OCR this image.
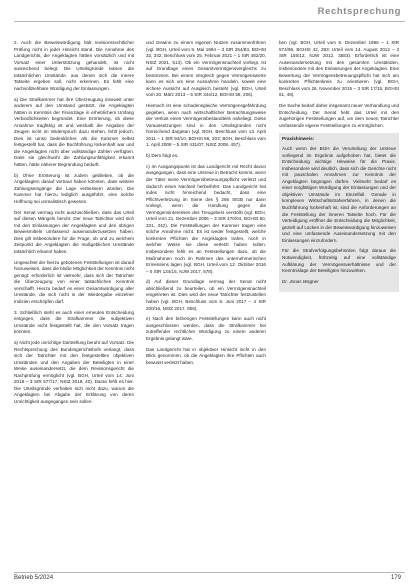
Rechtsprechung

2. Auch die Beweiswürdigung hält revisionsrechtlicher Prüfung nicht in jeder Hinsicht stand. Die Annahme des Landgerichts, die Angeklagten hätten vorsätzlich und mit Vorsatz einer Unterstützung gehandelt, ist nicht ausreichend belegt. Die Urteilsgründe lassen die tatsächlichen Umstände, aus denen sich die innere Tatseite ergeben soll, nicht erkennen. Es fehlt eine nachvollziehbare Würdigung der Einlassungen.

a) Die Strafkammer hat ihre Überzeugung insoweit unter anderem auf den Umstand gestützt, die Angeklagten hätten in Kenntnis der Finanzlage in erheblichem Umfang Verbindlichkeiten begründet. Eine Erörterung, ob diese Annahme tragfähig ist und weshalb die Angaben der Zeugen nicht im Widerspruch dazu stehen, fehlt jedoch. Dies ist umso bedenklicher, als die Kammer selbst festgestellt hat, dass die Buchführung lückenhaft war und die Angeklagten nicht über vollständige Zahlen verfügten. Dass sie gleichwohl die Zahlungsunfähigkeit erkannt hätten, hätte näherer Begründung bedurft.

b) Ohne Erörterung ist zudem geblieben, ob die Angeklagten darauf vertraut haben könnten, dass weitere Zahlungseingänge die Lage verbessern würden. Die Kammer hat hierzu lediglich ausgeführt, eine solche Hoffnung sei unrealistisch gewesen.

Der Senat vermag nicht auszuschließen, dass das Urteil auf diesen Mängeln beruht. Der neue Tatrichter wird sich mit den Einlassungen der Angeklagten und den übrigen Beweismitteln umfassend auseinanderzusetzen haben. Dies gilt insbesondere für die Frage, ob und zu welchem Zeitpunkt die Angeklagten die maßgeblichen Umstände tatsächlich erkannt haben.

Ungeachtet der hierzu gebotenen Feststellungen ist darauf hinzuweisen, dass die bloße Möglichkeit der Kenntnis nicht genügt; erforderlich ist vielmehr, dass sich der Tatrichter die Überzeugung von einer tatsächlichen Kenntnis verschafft. Hierzu bedarf es einer Gesamtwürdigung aller Umstände, die sich nicht in der Wiedergabe einzelner Indizien erschöpfen darf.

3. Schließlich steht es auch einer erneuten Entscheidung entgegen, dass die Strafkammer die subjektiven Umstände nicht festgestellt hat, die den Vorsatz tragen könnten.

a) Nicht jede unrichtige Darstellung beruht auf Vorsatz. Die Rechtsprechung des Bundesgerichtshofs verlangt, dass sich der Tatrichter mit den festgestellten objektiven Umständen und den Angaben der Beteiligten in einer Weise auseinandersetzt, die dem Revisionsgericht die Nachprüfung ermöglicht (vgl. BGH, Urteil vom 14. Juni 2018 – 3 StR 577/17, NStZ 2019, 40). Daran fehlt es hier. Die Urteilsgründe verhalten sich nicht dazu, warum die Angeklagten bei Abgabe der Erklärung von deren Unrichtigkeit ausgegangen sein sollen.

und Gewinn zu einem eigenen Nutzen zusammenführen (vgl. BGH, Urteil vom 9. Mai 1984 – 3 StR 254/83, BGHSt 32, 342; Beschluss vom 25. Februar 2021 – 1 StR 482/20, NStZ 2021, 613). Ob ein Vermögensnachteil vorliegt, ist auf Grundlage eines Gesamtvermögensvergleichs zu bestimmen. Bei einem Vergleich gegen Vermögenswerte kann es sich um eine Ausnahme handeln, soweit eine sichere Aussicht auf Ausgleich besteht (vgl. BGH, Urteil vom 20. März 2013 – 5 StR 344/12, BGHSt 58, 205).

Hiernach ist eine schadensgleiche Vermögensgefährdung gegeben, wenn nach wirtschaftlicher Betrachtungsweise der Verlust eines Vermögensbestandteils naheliegt. Diese Voraussetzungen sind in den Urteilsgründen nicht hinreichend dargetan (vgl. BGH, Beschluss vom 13. April 2011 – 1 StR 94/10, BGHSt 56, 203; BGH, Beschluss vom 1. April 2008 – 5 StR 431/07, NStZ 2008, 457).

b) Dem folgt es.

c) Im Ausgangspunkt ist das Landgericht mit Recht davon ausgegangen, dass eine Untreue in Betracht kommt, wenn der Täter seine Vermögensbetreuungspflicht verletzt und dadurch einen Nachteil herbeiführt. Das Landgericht hat indes nicht hinreichend bedacht, dass eine Pflichtverletzung im Sinne des § 266 StGB nur dann vorliegt, wenn die Handlung gegen die Vermögensinteressen des Treugebers verstößt (vgl. BGH, Urteil vom 21. Dezember 2005 – 3 StR 470/04, BGHSt 50, 331, 342). Die Feststellungen der Kammer tragen eine solche Annahme nicht. Es ist weder festgestellt, welche konkreten Pflichten die Angeklagten trafen, noch in welcher Weise sie diese verletzt haben sollen. Insbesondere fehlt es an Feststellungen dazu, ob die Maßnahmen noch im Rahmen des unternehmerischen Ermessens lagen (vgl. BGH, Urteil vom 12. Oktober 2016 – 5 StR 134/15, NJW 2017, 578).

d) Auf dieser Grundlage vermag der Senat nicht abschließend zu beurteilen, ob ein Vermögensnachteil eingetreten ist. Dies wird der neue Tatrichter festzustellen haben (vgl. BGH, Beschluss vom 8. Juni 2017 – 4 StR 200/16, NStZ 2017, 656).

e) Nach den bisherigen Feststellungen kann auch nicht ausgeschlossen werden, dass die Strafkammer bei zutreffender rechtlicher Würdigung zu einem anderen Ergebnis gelangt wäre.

Das Landgericht hat in objektiver Hinsicht nicht in den Blick genommen, ob die Angeklagten ihre Pflichten auch bewusst verletzt haben.

ben (vgl. BGH, Urteil vom 5. Dezember 1996 – 1 StR 574/96, BGHSt 42, 283; Urteil vom 14. August 2012 – 3 StR 155/12, NJW 2012, 3583). Erforderlich ist eine Auseinandersetzung mit den gesamten Umständen, insbesondere mit den Einlassungen der Angeklagten. Eine Bewertung der Vermögensbetreuungspflicht hat sich am konkreten Pflichtenkreis zu orientieren (vgl. BGH, Beschluss vom 26. November 2015 – 3 StR 17/15, BGHSt 61, 48).

Die Sache bedarf daher insgesamt neuer Verhandlung und Entscheidung. Der Senat hebt das Urteil mit den zugehörigen Feststellungen auf, um dem neuen Tatrichter umfassende eigene Feststellungen zu ermöglichen.

Praxishinweis:

Auch wenn der BGH die Verurteilung der Untreue vorliegend im Ergebnis aufgehoben hat, bietet die Entscheidung wichtige Hinweise für die Praxis. Insbesondere wird deutlich, dass sich die Gerichte nicht mit pauschalen Annahmen zur Kenntnis der Angeklagten begnügen dürfen. Vielmehr bedarf es einer sorgfältigen Würdigung der Einlassungen und der objektiven Umstände im Einzelfall. Gerade in komplexen Wirtschaftsstrafverfahren, in denen die Buchführung lückenhaft ist, sind die Anforderungen an die Feststellung der inneren Tatseite hoch. Für die Verteidigung eröffnet die Entscheidung die Möglichkeit, gezielt auf Lücken in der Beweiswürdigung hinzuweisen und eine umfassende Auseinandersetzung mit den Einlassungen einzufordern.

Für die Strafverfolgungsbehörden folgt daraus die Notwendigkeit, frühzeitig auf eine vollständige Aufklärung der Vermögensverhältnisse und der Kenntnislage der Beteiligten hinzuwirken.

Dr. Jonas Wagner

Betrieb 5/2024	179
